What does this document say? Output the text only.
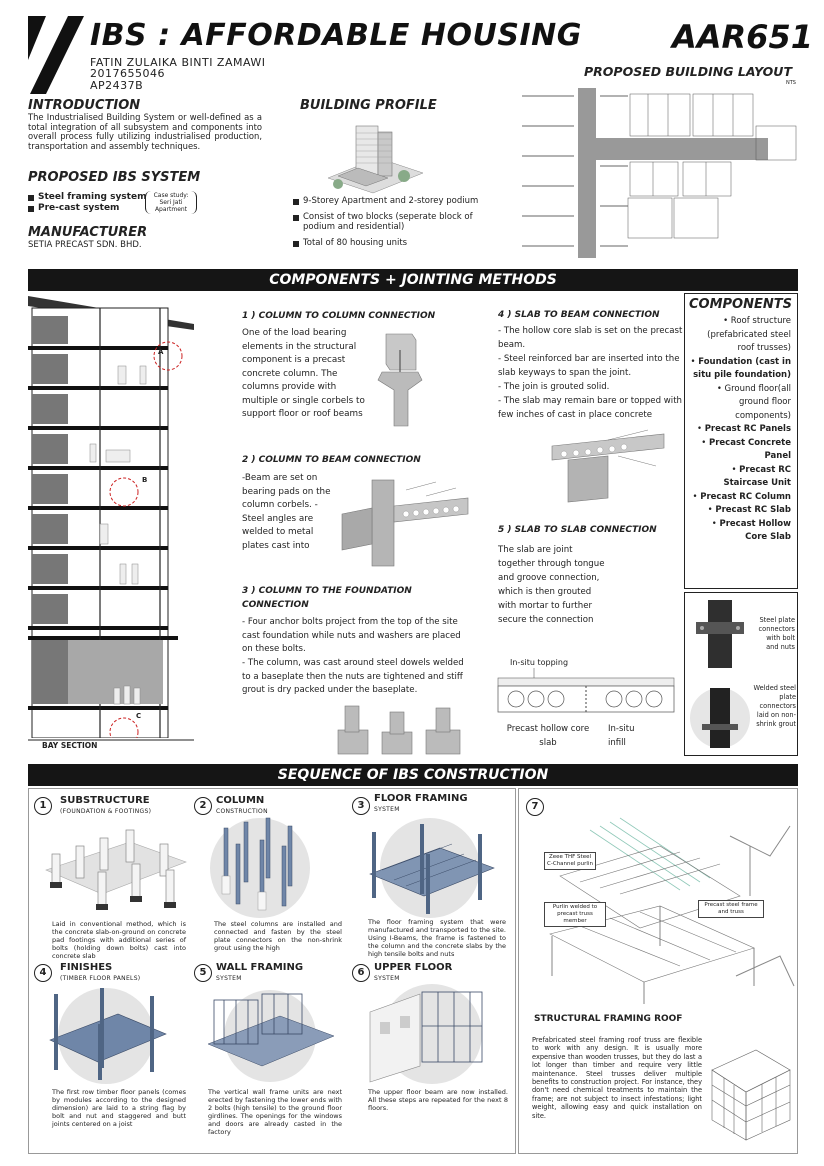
IBS : AFFORDABLE HOUSING	AAR651
FATIN ZULAIKA BINTI ZAMAWI
2017655046
AP2437B
PROPOSED BUILDING LAYOUT
NTS
INTRODUCTION
The Industrialised Building System or well-defined as a total integration of all subsystem and components into overall process fully utilizing industrialised production, transportation and assembly techniques.
PROPOSED IBS SYSTEM
Steel framing system
Pre-cast system
Case study: Seri Jati Apartment
MANUFACTURER
SETIA PRECAST SDN. BHD.
BUILDING PROFILE
9-Storey Apartment and 2-storey podium
Consist of two blocks (seperate block of podium and residential)
Total of 80 housing units
COMPONENTS + JOINTING METHODS
A
B
C
BAY SECTION
1 ) COLUMN TO COLUMN CONNECTION
One of the load bearing elements in the structural component is a precast concrete column. The columns provide with multiple or single corbels to support floor or roof beams
2 ) COLUMN TO BEAM CONNECTION
-Beam are set on bearing pads on the column corbels. -Steel angles are welded to metal plates cast into
3 ) COLUMN TO THE FOUNDATION CONNECTION
- Four anchor bolts project from the top of the site cast foundation while nuts and washers are placed on these bolts.
- The column, was cast around steel dowels welded to a baseplate then the nuts are tightened and stiff grout is dry packed under the baseplate.
4 ) SLAB TO BEAM CONNECTION
- The hollow core slab is set on the precast beam.
- Steel reinforced bar are inserted into the slab keyways to span the joint.
- The join is grouted solid.
- The slab may remain bare or topped with few inches of cast in place concrete
5 ) SLAB TO SLAB CONNECTION
The slab are joint together through tongue and groove connection, which is then grouted with mortar to further secure the connection
In-situ topping
Precast hollow core slab
In-situ infill
COMPONENTS
• Roof structure (prefabricated steel roof trusses)
• Foundation (cast in situ pile foundation)
• Ground floor(all ground floor components)
• Precast RC Panels
• Precast Concrete Panel
• Precast RC Staircase Unit
• Precast RC Column
• Precast RC Slab
• Precast Hollow Core Slab
Steel plate connectors with bolt and nuts
Welded steel plate connectors laid on non-shrink grout
SEQUENCE OF IBS CONSTRUCTION
1	SUBSTRUCTURE
(FOUNDATION & FOOTINGS)
Laid in conventional method, which is the concrete slab-on-ground on concrete pad footings with additional series of bolts (holding down bolts) cast into concrete slab
2 COLUMN
CONSTRUCTION
The steel columns are installed and connected and fasten by the steel plate connectors on the non-shrink grout using the high
3
FLOOR FRAMING
SYSTEM
The floor framing system that were manufactured and transported to the site. Using I-Beams, the frame is fastened to the column and the concrete slabs by the high tensile bolts and nuts
4	FINISHES
(TIMBER FLOOR PANELS)
The first row timber floor panels (comes by modules according to the designed dimension) are laid to a string flag by bolt and nut and staggered and butt joints centered on a joist
5 WALL FRAMING
SYSTEM
The vertical wall frame units are next erected by fastening the lower ends with 2 bolts (high tensile) to the ground floor girdlines. The openings for the windows and doors are already casted in the factory
6 UPPER FLOOR
SYSTEM
The upper floor beam are now installed. All these steps are repeated for the next 8 floors.
7
Zeee THF Steel C-Channel purlin
Purlin welded to precast truss member
Precast steel frame and truss
STRUCTURAL FRAMING ROOF
Prefabricated steel framing roof truss are flexible to work with any design. It is usually more expensive than wooden trusses, but they do last a lot longer than timber and require very little maintenance. Steel trusses deliver multiple benefits to construction project. For instance, they don't need chemical treatments to maintain the frame; are not subject to insect infestations; light weight, allowing easy and quick installation on site.
